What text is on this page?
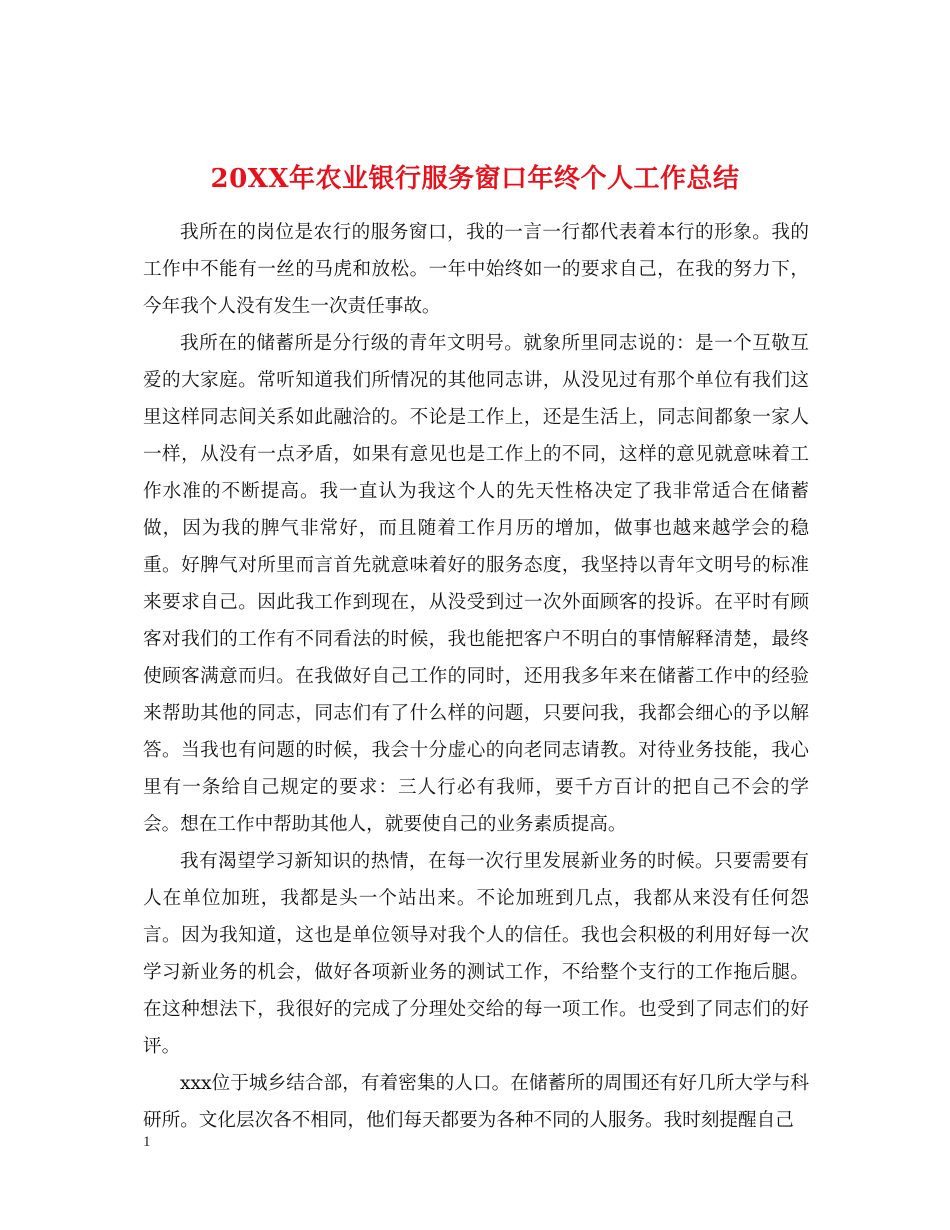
20XX年农业银行服务窗口年终个人工作总结

我所在的岗位是农行的服务窗口，我的一言一行都代表着本行的形象。我的工作中不能有一丝的马虎和放松。一年中始终如一的要求自己，在我的努力下，今年我个人没有发生一次责任事故。

我所在的储蓄所是分行级的青年文明号。就象所里同志说的：是一个互敬互爱的大家庭。常听知道我们所情况的其他同志讲，从没见过有那个单位有我们这里这样同志间关系如此融洽的。不论是工作上，还是生活上，同志间都象一家人一样，从没有一点矛盾，如果有意见也是工作上的不同，这样的意见就意味着工作水准的不断提高。我一直认为我这个人的先天性格决定了我非常适合在储蓄做，因为我的脾气非常好，而且随着工作月历的增加，做事也越来越学会的稳重。好脾气对所里而言首先就意味着好的服务态度，我坚持以青年文明号的标准来要求自己。因此我工作到现在，从没受到过一次外面顾客的投诉。在平时有顾客对我们的工作有不同看法的时候，我也能把客户不明白的事情解释清楚，最终使顾客满意而归。在我做好自己工作的同时，还用我多年来在储蓄工作中的经验来帮助其他的同志，同志们有了什么样的问题，只要问我，我都会细心的予以解答。当我也有问题的时候，我会十分虚心的向老同志请教。对待业务技能，我心里有一条给自己规定的要求：三人行必有我师，要千方百计的把自己不会的学会。想在工作中帮助其他人，就要使自己的业务素质提高。

我有渴望学习新知识的热情，在每一次行里发展新业务的时候。只要需要有人在单位加班，我都是头一个站出来。不论加班到几点，我都从来没有任何怨言。因为我知道，这也是单位领导对我个人的信任。我也会积极的利用好每一次学习新业务的机会，做好各项新业务的测试工作，不给整个支行的工作拖后腿。在这种想法下，我很好的完成了分理处交给的每一项工作。也受到了同志们的好评。

xxx位于城乡结合部，有着密集的人口。在储蓄所的周围还有好几所大学与科研所。文化层次各不相同，他们每天都要为各种不同的人服务。我时刻提醒自己

1
